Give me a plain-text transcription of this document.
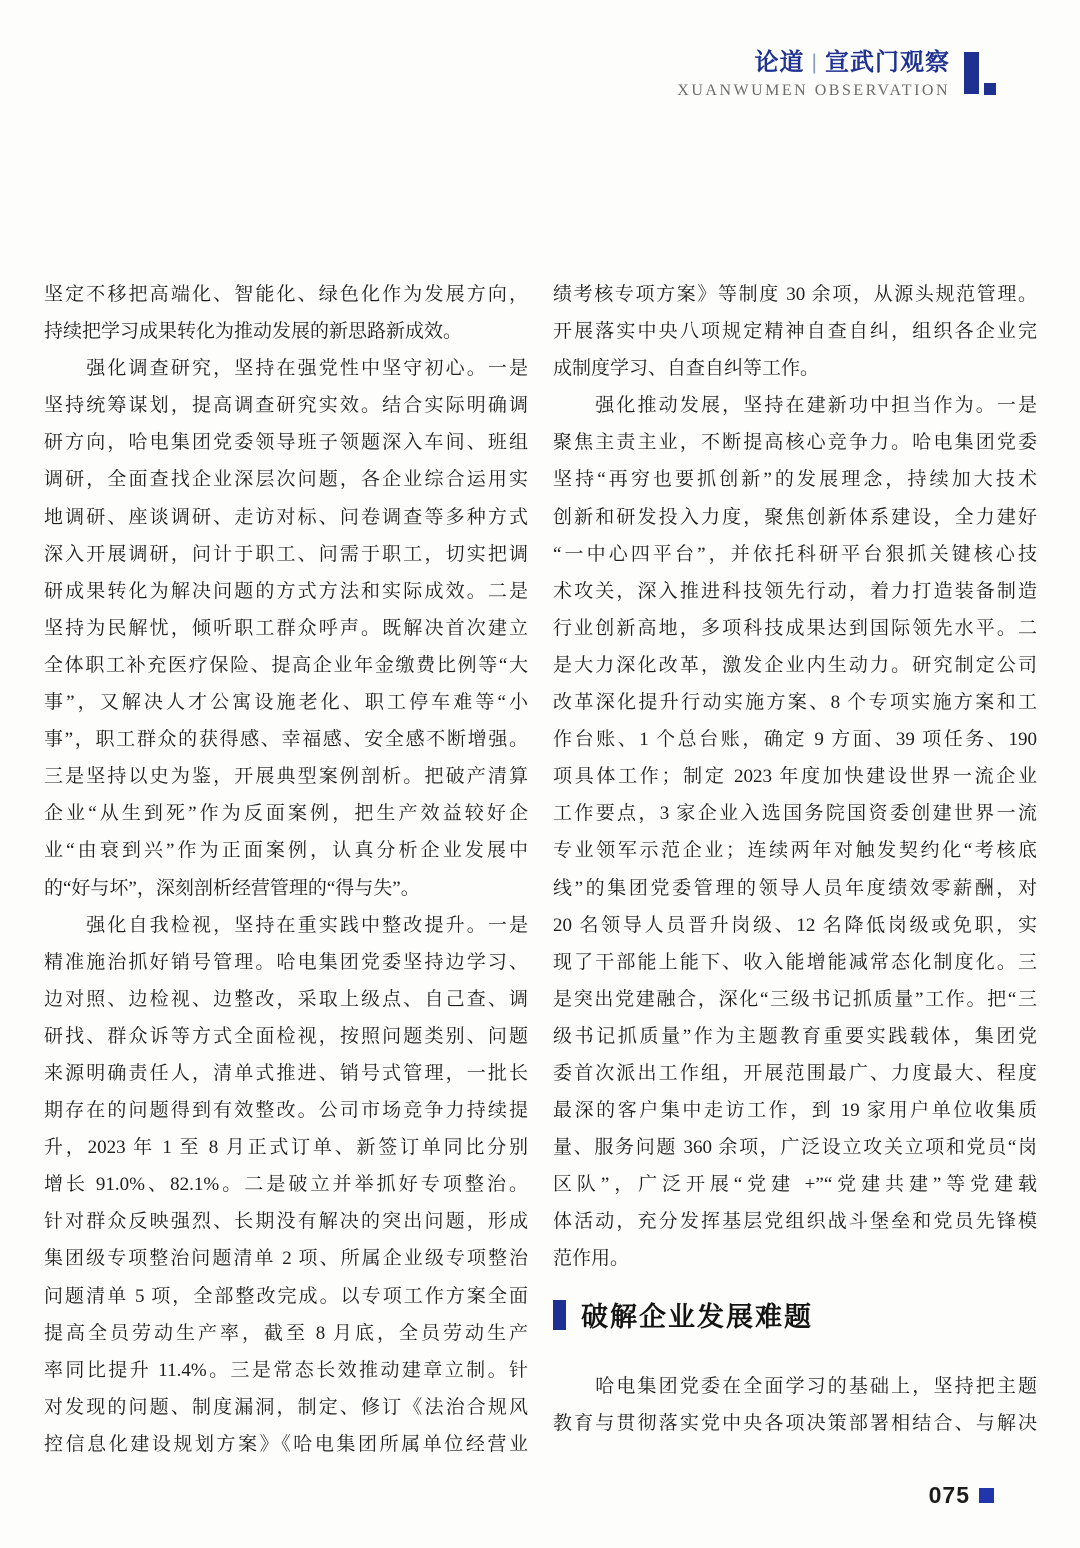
论道 | 宣武门观察
XUANWUMEN OBSERVATION
坚定不移把高端化、智能化、绿色化作为发展方向，
持续把学习成果转化为推动发展的新思路新成效。
　　强化调查研究，坚持在强党性中坚守初心。一是
坚持统筹谋划，提高调查研究实效。结合实际明确调
研方向，哈电集团党委领导班子领题深入车间、班组
调研，全面查找企业深层次问题，各企业综合运用实
地调研、座谈调研、走访对标、问卷调查等多种方式
深入开展调研，问计于职工、问需于职工，切实把调
研成果转化为解决问题的方式方法和实际成效。二是
坚持为民解忧，倾听职工群众呼声。既解决首次建立
全体职工补充医疗保险、提高企业年金缴费比例等“大
事”，又解决人才公寓设施老化、职工停车难等“小
事”，职工群众的获得感、幸福感、安全感不断增强。
三是坚持以史为鉴，开展典型案例剖析。把破产清算
企业“从生到死”作为反面案例，把生产效益较好企
业“由衰到兴”作为正面案例，认真分析企业发展中
的“好与坏”，深刻剖析经营管理的“得与失”。
　　强化自我检视，坚持在重实践中整改提升。一是
精准施治抓好销号管理。哈电集团党委坚持边学习、
边对照、边检视、边整改，采取上级点、自己查、调
研找、群众诉等方式全面检视，按照问题类别、问题
来源明确责任人，清单式推进、销号式管理，一批长
期存在的问题得到有效整改。公司市场竞争力持续提
升，2023 年 1 至 8 月正式订单、新签订单同比分别
增长 91.0%、82.1%。二是破立并举抓好专项整治。
针对群众反映强烈、长期没有解决的突出问题，形成
集团级专项整治问题清单 2 项、所属企业级专项整治
问题清单 5 项，全部整改完成。以专项工作方案全面
提高全员劳动生产率，截至 8 月底，全员劳动生产
率同比提升 11.4%。三是常态长效推动建章立制。针
对发现的问题、制度漏洞，制定、修订《法治合规风
控信息化建设规划方案》《哈电集团所属单位经营业
绩考核专项方案》等制度 30 余项，从源头规范管理。
开展落实中央八项规定精神自查自纠，组织各企业完
成制度学习、自查自纠等工作。
　　强化推动发展，坚持在建新功中担当作为。一是
聚焦主责主业，不断提高核心竞争力。哈电集团党委
坚持“再穷也要抓创新”的发展理念，持续加大技术
创新和研发投入力度，聚焦创新体系建设，全力建好
“一中心四平台”，并依托科研平台狠抓关键核心技
术攻关，深入推进科技领先行动，着力打造装备制造
行业创新高地，多项科技成果达到国际领先水平。二
是大力深化改革，激发企业内生动力。研究制定公司
改革深化提升行动实施方案、8 个专项实施方案和工
作台账、1 个总台账，确定 9 方面、39 项任务、190
项具体工作；制定 2023 年度加快建设世界一流企业
工作要点，3 家企业入选国务院国资委创建世界一流
专业领军示范企业；连续两年对触发契约化“考核底
线”的集团党委管理的领导人员年度绩效零薪酬，对
20 名领导人员晋升岗级、12 名降低岗级或免职，实
现了干部能上能下、收入能增能减常态化制度化。三
是突出党建融合，深化“三级书记抓质量”工作。把“三
级书记抓质量”作为主题教育重要实践载体，集团党
委首次派出工作组，开展范围最广、力度最大、程度
最深的客户集中走访工作，到 19 家用户单位收集质
量、服务问题 360 余项，广泛设立攻关立项和党员“岗
区队”，广泛开展“党建 +”“党建共建”等党建载
体活动，充分发挥基层党组织战斗堡垒和党员先锋模
范作用。
破解企业发展难题
　　哈电集团党委在全面学习的基础上，坚持把主题
教育与贯彻落实党中央各项决策部署相结合、与解决
075
